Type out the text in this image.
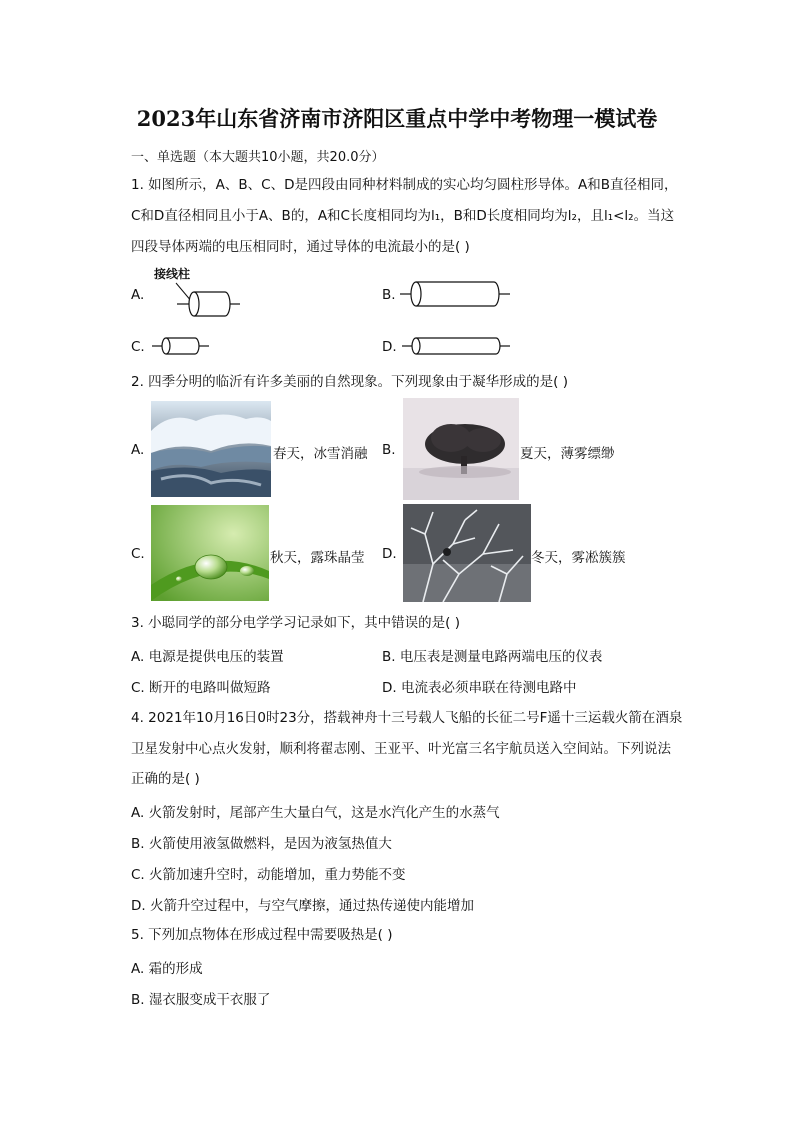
2023年山东省济南市济阳区重点中学中考物理一模试卷
一、单选题（本大题共10小题，共20.0分）
1. 如图所示，A、B、C、D是四段由同种材料制成的实心均匀圆柱形导体。A和B直径相同，
C和D直径相同且小于A、B的，A和C长度相同均为l₁，B和D长度相同均为l₂，且l₁<l₂。当这
四段导体两端的电压相同时，通过导体的电流最小的是( )
接线柱
A.	B.
C.	D.
2. 四季分明的临沂有许多美丽的自然现象。下列现象由于凝华形成的是( )
A.	春天，冰雪消融 B.	夏天，薄雾缥缈
C.	秋天，露珠晶莹 D.	冬天，雾凇簇簇
3. 小聪同学的部分电学学习记录如下，其中错误的是( )
A. 电源是提供电压的装置	B. 电压表是测量电路两端电压的仪表
C. 断开的电路叫做短路	D. 电流表必须串联在待测电路中
4. 2021年10月16日0时23分，搭载神舟十三号载人飞船的长征二号F遥十三运载火箭在酒泉
卫星发射中心点火发射，顺利将翟志刚、王亚平、叶光富三名宇航员送入空间站。下列说法
正确的是( )
A. 火箭发射时，尾部产生大量白气，这是水汽化产生的水蒸气
B. 火箭使用液氢做燃料，是因为液氢热值大
C. 火箭加速升空时，动能增加，重力势能不变
D. 火箭升空过程中，与空气摩擦，通过热传递使内能增加
5. 下列加点物体在形成过程中需要吸热是( )
A. 霜的形成
B. 湿衣服变成干衣服了
